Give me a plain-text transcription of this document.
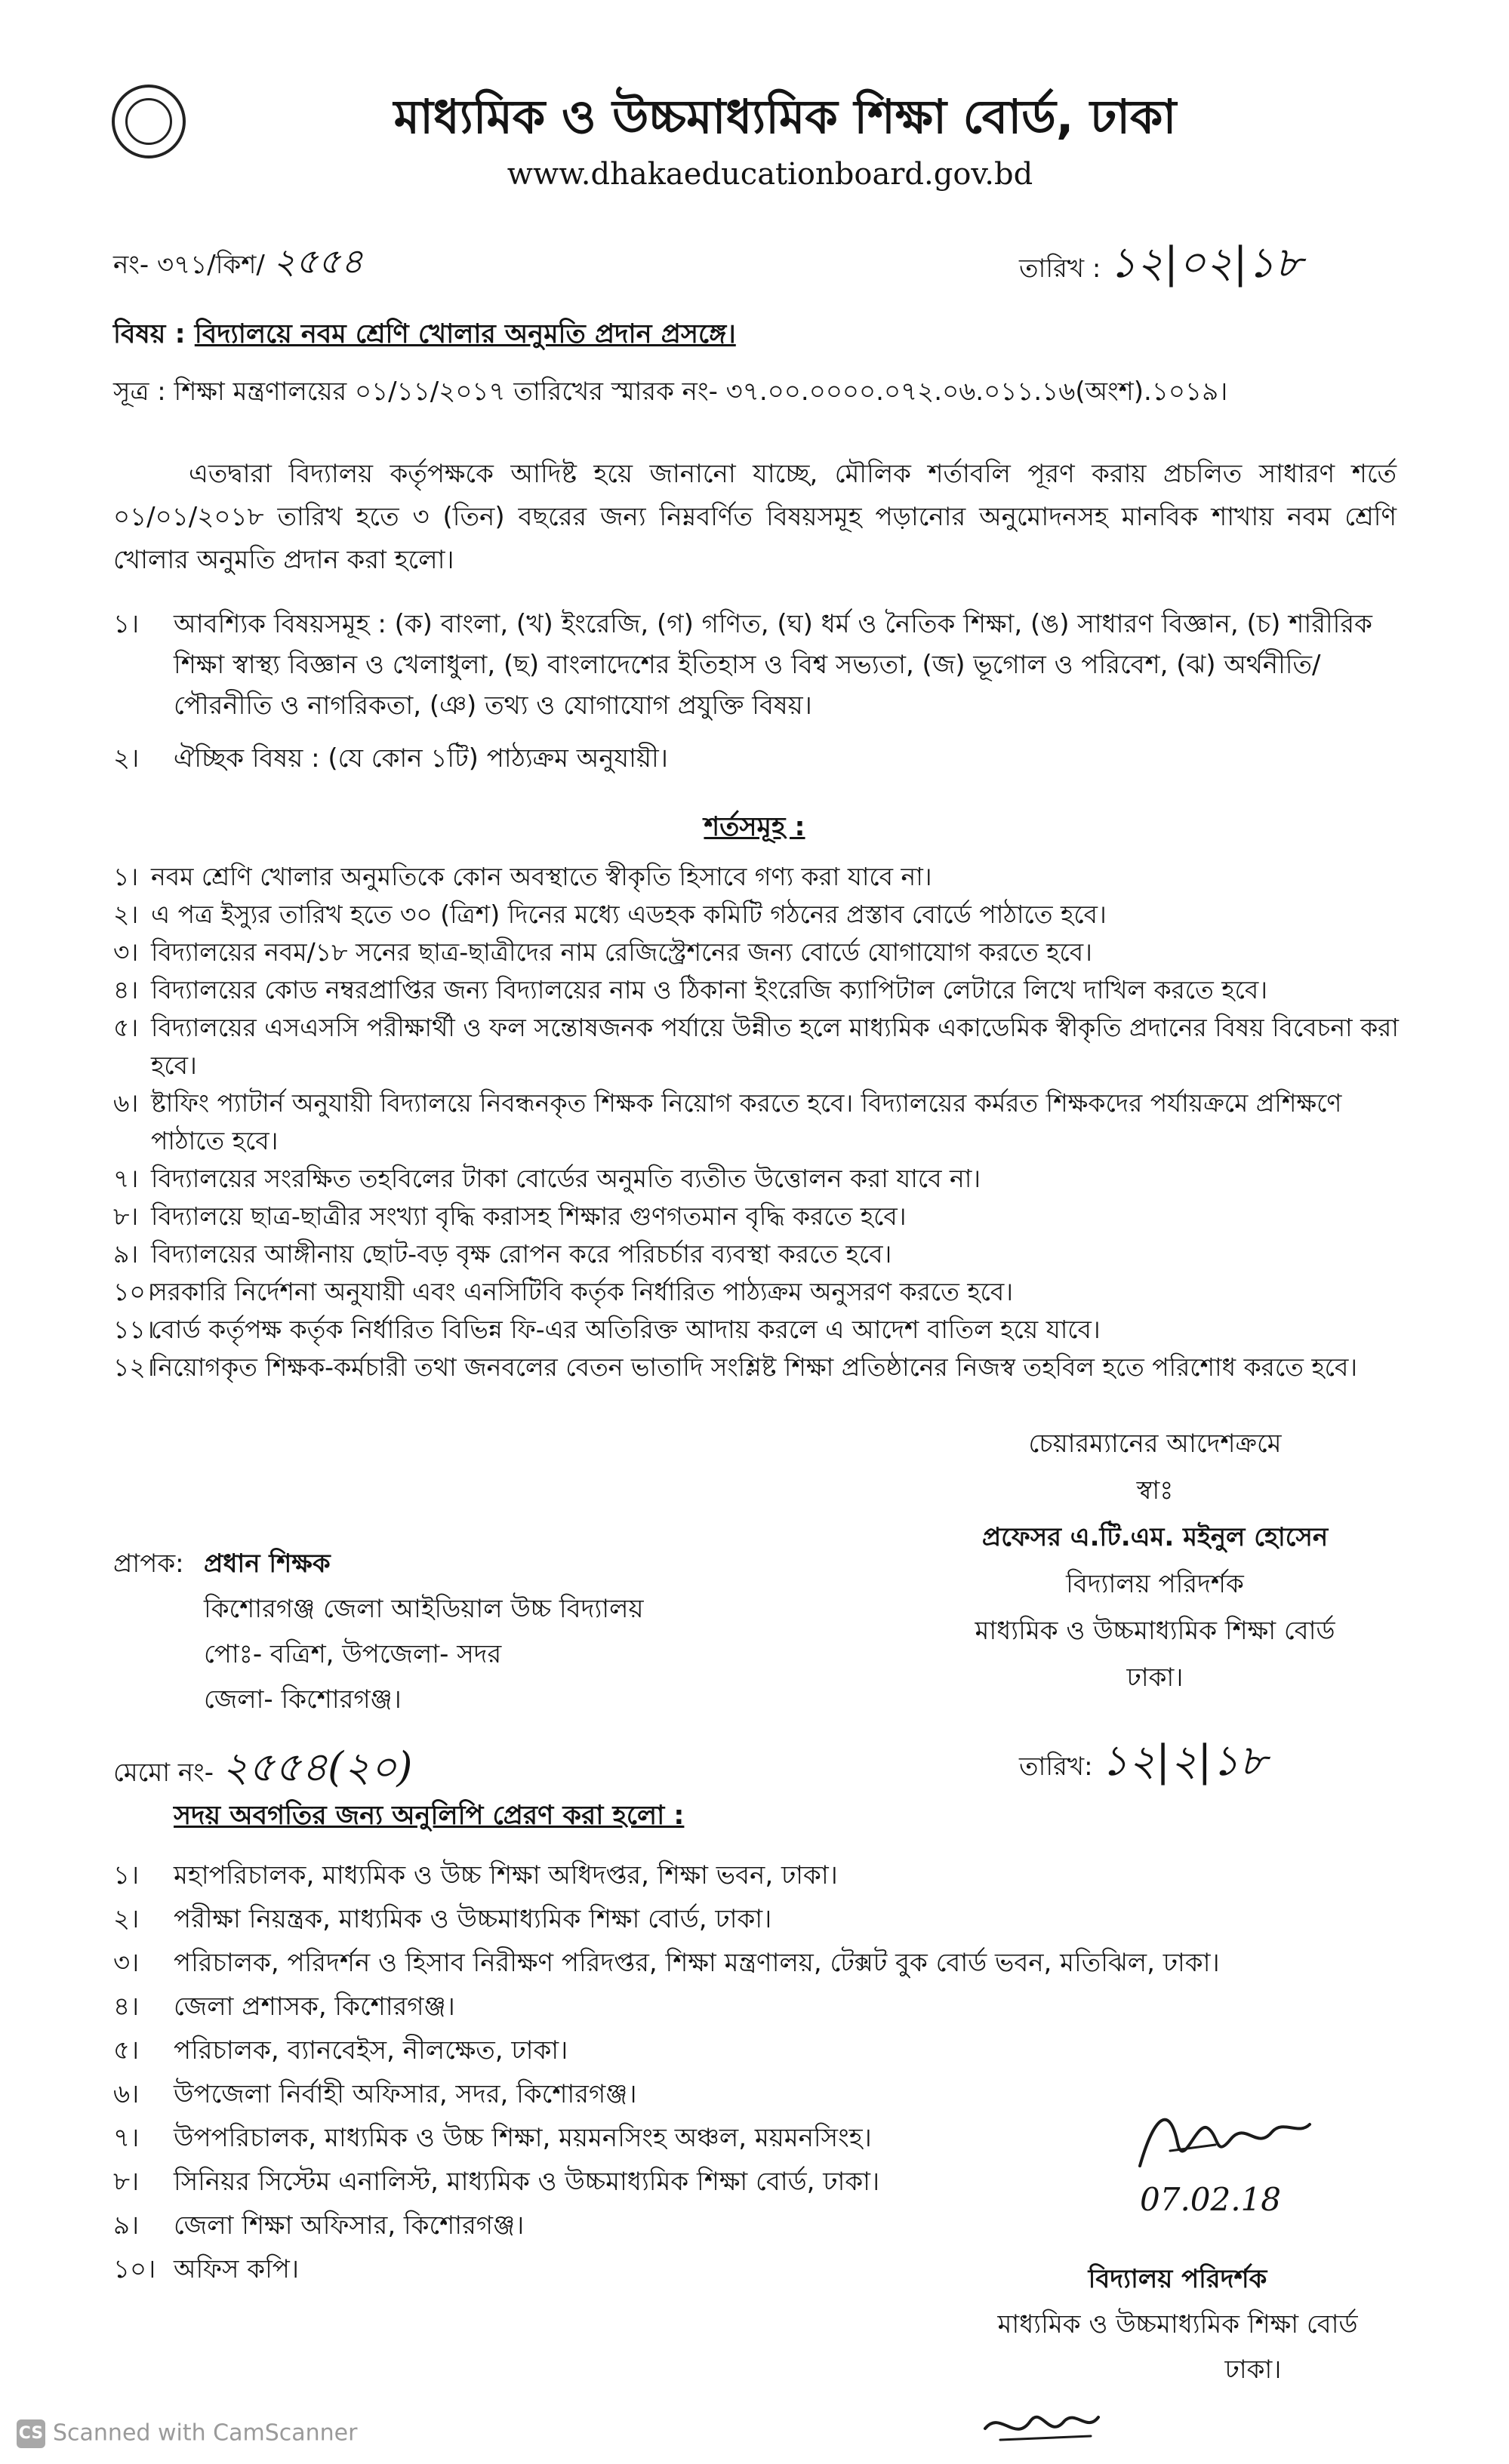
মাধ্যমিক ও উচ্চমাধ্যমিক শিক্ষা বোর্ড, ঢাকা
www.dhakaeducationboard.gov.bd
নং- ৩৭১/কিশ/ ২৫৫৪	তারিখ : ১২|০২|১৮
বিষয় : বিদ্যালয়ে নবম শ্রেণি খোলার অনুমতি প্রদান প্রসঙ্গে।
সূত্র : শিক্ষা মন্ত্রণালয়ের ০১/১১/২০১৭ তারিখের স্মারক নং- ৩৭.০০.০০০০.০৭২.০৬.০১১.১৬(অংশ).১০১৯।
এতদ্বারা বিদ্যালয় কর্তৃপক্ষকে আদিষ্ট হয়ে জানানো যাচ্ছে, মৌলিক শর্তাবলি পূরণ করায় প্রচলিত সাধারণ শর্তে ০১/০১/২০১৮ তারিখ হতে ৩ (তিন) বছরের জন্য নিম্নবর্ণিত বিষয়সমূহ পড়ানোর অনুমোদনসহ মানবিক শাখায় নবম শ্রেণি খোলার অনুমতি প্রদান করা হলো।
১। আবশ্যিক বিষয়সমূহ : (ক) বাংলা, (খ) ইংরেজি, (গ) গণিত, (ঘ) ধর্ম ও নৈতিক শিক্ষা, (ঙ) সাধারণ বিজ্ঞান, (চ) শারীরিক শিক্ষা স্বাস্থ্য বিজ্ঞান ও খেলাধুলা, (ছ) বাংলাদেশের ইতিহাস ও বিশ্ব সভ্যতা, (জ) ভূগোল ও পরিবেশ, (ঝ) অর্থনীতি/পৌরনীতি ও নাগরিকতা, (ঞ) তথ্য ও যোগাযোগ প্রযুক্তি বিষয়।
২। ঐচ্ছিক বিষয় : (যে কোন ১টি) পাঠ্যক্রম অনুযায়ী।
শর্তসমূহ :
১। নবম শ্রেণি খোলার অনুমতিকে কোন অবস্থাতে স্বীকৃতি হিসাবে গণ্য করা যাবে না।
২। এ পত্র ইস্যুর তারিখ হতে ৩০ (ত্রিশ) দিনের মধ্যে এডহক কমিটি গঠনের প্রস্তাব বোর্ডে পাঠাতে হবে।
৩। বিদ্যালয়ের নবম/১৮ সনের ছাত্র-ছাত্রীদের নাম রেজিস্ট্রেশনের জন্য বোর্ডে যোগাযোগ করতে হবে।
৪। বিদ্যালয়ের কোড নম্বরপ্রাপ্তির জন্য বিদ্যালয়ের নাম ও ঠিকানা ইংরেজি ক্যাপিটাল লেটারে লিখে দাখিল করতে হবে।
৫। বিদ্যালয়ের এসএসসি পরীক্ষার্থী ও ফল সন্তোষজনক পর্যায়ে উন্নীত হলে মাধ্যমিক একাডেমিক স্বীকৃতি প্রদানের বিষয় বিবেচনা করা হবে।
৬। ষ্টাফিং প্যাটার্ন অনুযায়ী বিদ্যালয়ে নিবন্ধনকৃত শিক্ষক নিয়োগ করতে হবে। বিদ্যালয়ের কর্মরত শিক্ষকদের পর্যায়ক্রমে প্রশিক্ষণে পাঠাতে হবে।
৭। বিদ্যালয়ের সংরক্ষিত তহবিলের টাকা বোর্ডের অনুমতি ব্যতীত উত্তোলন করা যাবে না।
৮। বিদ্যালয়ে ছাত্র-ছাত্রীর সংখ্যা বৃদ্ধি করাসহ শিক্ষার গুণগতমান বৃদ্ধি করতে হবে।
৯। বিদ্যালয়ের আঙ্গীনায় ছোট-বড় বৃক্ষ রোপন করে পরিচর্চার ব্যবস্থা করতে হবে।
১০।
সরকারি নির্দেশনা অনুযায়ী এবং এনসিটিবি কর্তৃক নির্ধারিত পাঠ্যক্রম অনুসরণ করতে হবে।
১১।
বোর্ড কর্তৃপক্ষ কর্তৃক নির্ধারিত বিভিন্ন ফি-এর অতিরিক্ত আদায় করলে এ আদেশ বাতিল হয়ে যাবে।
১২।
নিয়োগকৃত শিক্ষক-কর্মচারী তথা জনবলের বেতন ভাতাদি সংশ্লিষ্ট শিক্ষা প্রতিষ্ঠানের নিজস্ব তহবিল হতে পরিশোধ করতে হবে।
চেয়ারম্যানের আদেশক্রমে
স্বাঃ
প্রফেসর এ.টি.এম. মইনুল হোসেন
বিদ্যালয় পরিদর্শক
মাধ্যমিক ও উচ্চমাধ্যমিক শিক্ষা বোর্ড
ঢাকা।
প্রাপক: প্রধান শিক্ষক
কিশোরগঞ্জ জেলা আইডিয়াল উচ্চ বিদ্যালয়
পোঃ- বত্রিশ, উপজেলা- সদর
জেলা- কিশোরগঞ্জ।
মেমো নং- ২৫৫৪(২০)	তারিখ: ১২|২|১৮
সদয় অবগতির জন্য অনুলিপি প্রেরণ করা হলো :
১। মহাপরিচালক, মাধ্যমিক ও উচ্চ শিক্ষা অধিদপ্তর, শিক্ষা ভবন, ঢাকা।
২। পরীক্ষা নিয়ন্ত্রক, মাধ্যমিক ও উচ্চমাধ্যমিক শিক্ষা বোর্ড, ঢাকা।
৩। পরিচালক, পরিদর্শন ও হিসাব নিরীক্ষণ পরিদপ্তর, শিক্ষা মন্ত্রণালয়, টেক্সট বুক বোর্ড ভবন, মতিঝিল, ঢাকা।
৪। জেলা প্রশাসক, কিশোরগঞ্জ।
৫। পরিচালক, ব্যানবেইস, নীলক্ষেত, ঢাকা।
৬। উপজেলা নির্বাহী অফিসার, সদর, কিশোরগঞ্জ।
৭। উপপরিচালক, মাধ্যমিক ও উচ্চ শিক্ষা, ময়মনসিংহ অঞ্চল, ময়মনসিংহ।
৮। সিনিয়র সিস্টেম এনালিস্ট, মাধ্যমিক ও উচ্চমাধ্যমিক শিক্ষা বোর্ড, ঢাকা।
৯। জেলা শিক্ষা অফিসার, কিশোরগঞ্জ।
১০। অফিস কপি।
07.02.18
বিদ্যালয় পরিদর্শক
মাধ্যমিক ও উচ্চমাধ্যমিক শিক্ষা বোর্ড
ঢাকা।
CS Scanned with CamScanner
